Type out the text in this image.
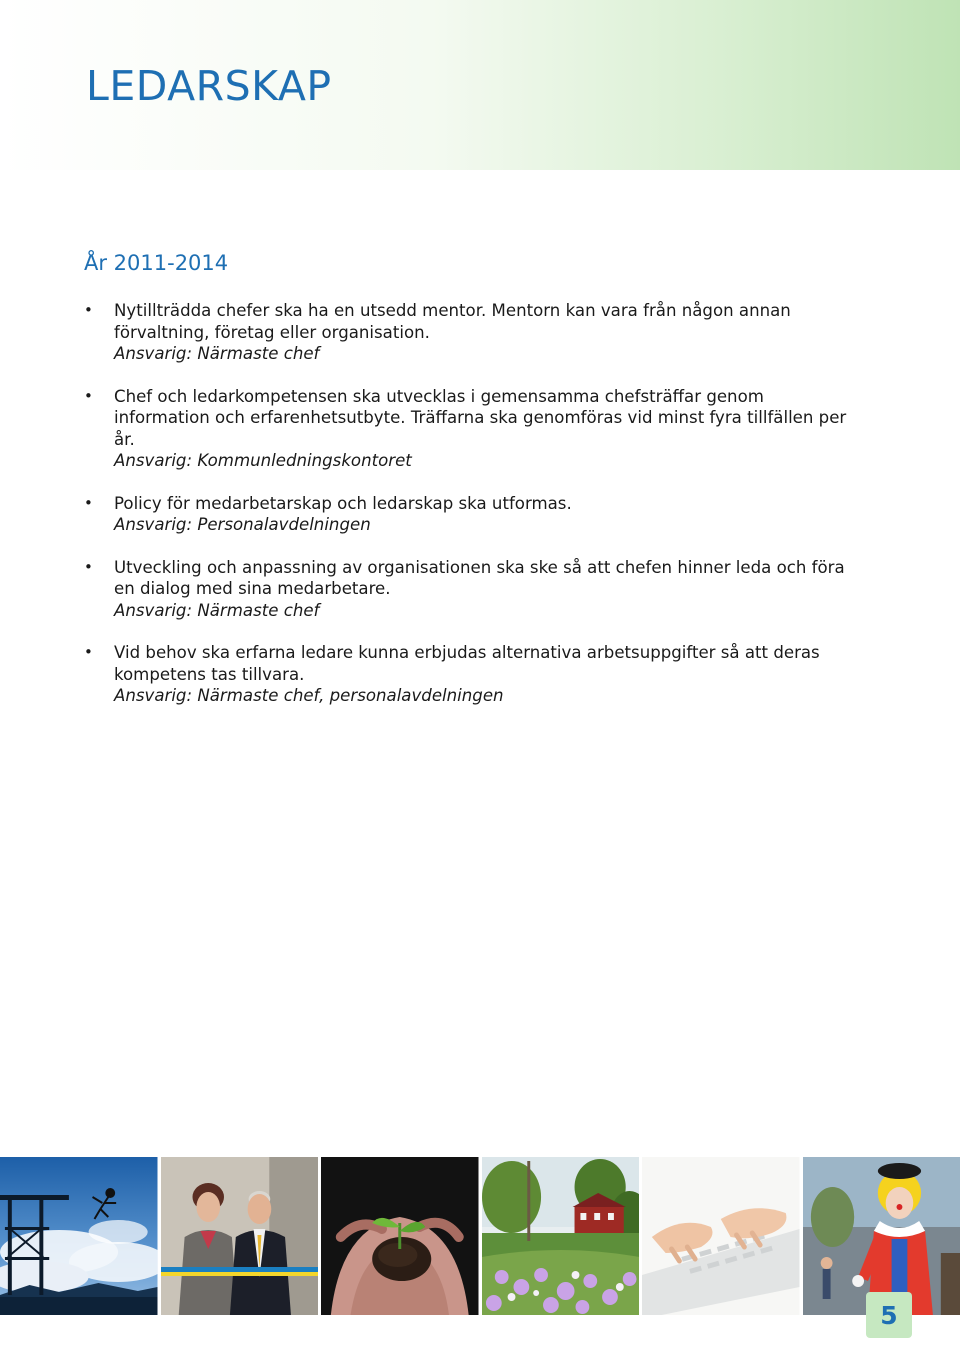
LEDARSKAP
År 2011-2014
• Nytillträdda chefer ska ha en utsedd mentor. Mentorn kan vara från någon annan förvaltning, företag eller organisation.
Ansvarig: Närmaste chef
• Chef och ledarkompetensen ska utvecklas i gemensamma chefsträffar genom information och erfarenhetsutbyte. Träffarna ska genomföras vid minst fyra tillfällen per år.
Ansvarig: Kommunledningskontoret
• Policy för medarbetarskap och ledarskap ska utformas.
Ansvarig: Personalavdelningen
• Utveckling och anpassning av organisationen ska ske så att chefen hinner leda och föra en dialog med sina medarbetare.
Ansvarig: Närmaste chef
• Vid behov ska erfarna ledare kunna erbjudas alternativa arbetsuppgifter så att deras kompetens tas tillvara.
Ansvarig: Närmaste chef, personalavdelningen
5
